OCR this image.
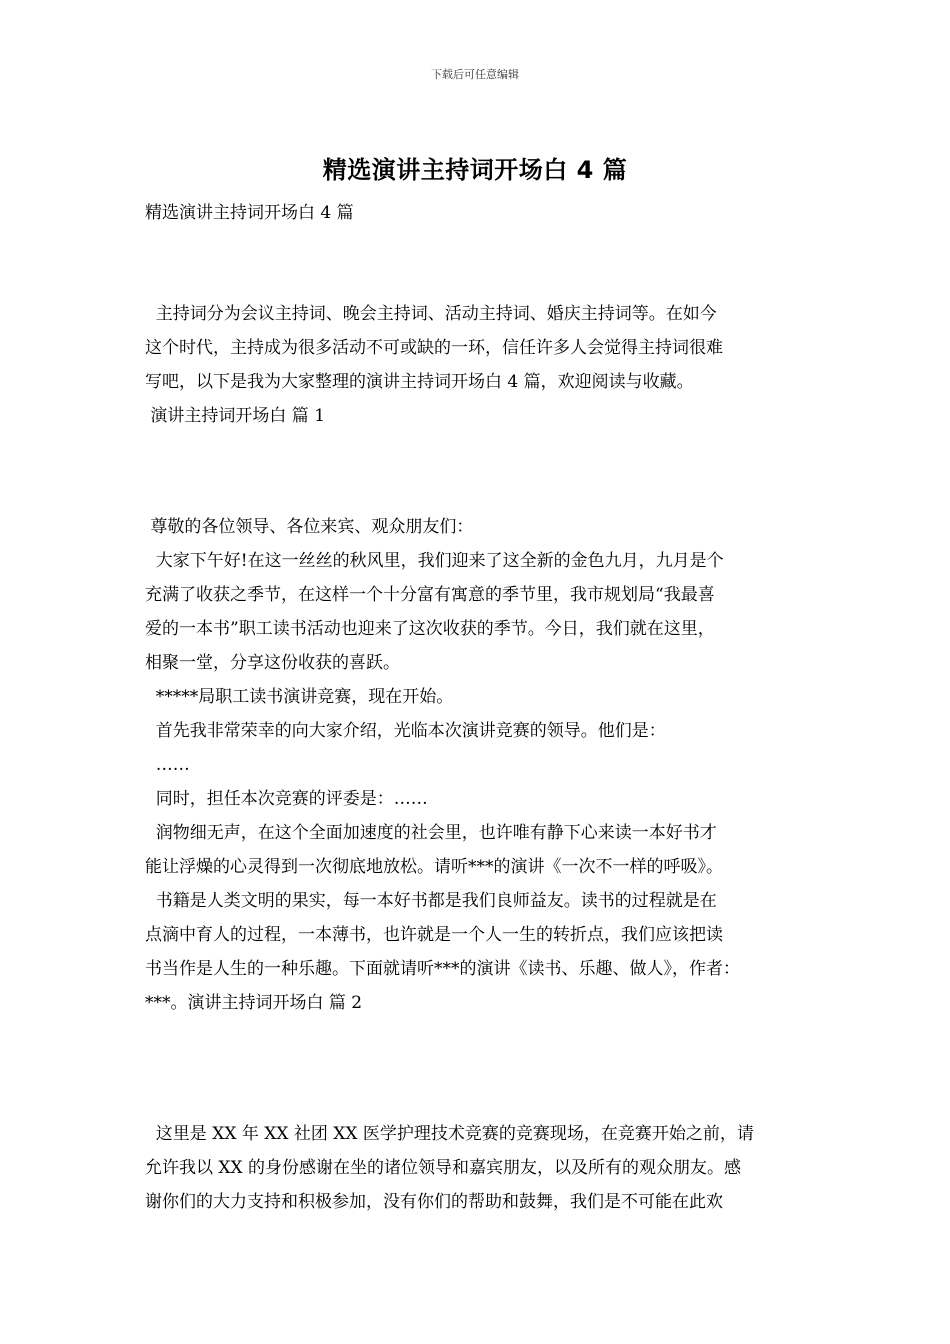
下载后可任意编辑
精选演讲主持词开场白 4 篇
精选演讲主持词开场白 4 篇
主持词分为会议主持词、晚会主持词、活动主持词、婚庆主持词等。在如今
这个时代，主持成为很多活动不可或缺的一环，信任许多人会觉得主持词很难
写吧，以下是我为大家整理的演讲主持词开场白 4 篇，欢迎阅读与收藏。
演讲主持词开场白 篇 1
尊敬的各位领导、各位来宾、观众朋友们：
大家下午好!在这一丝丝的秋风里，我们迎来了这全新的金色九月，九月是个
充满了收获之季节，在这样一个十分富有寓意的季节里，我市规划局“我最喜
爱的一本书”职工读书活动也迎来了这次收获的季节。今日，我们就在这里，
相聚一堂，分享这份收获的喜跃。
*****局职工读书演讲竞赛，现在开始。
首先我非常荣幸的向大家介绍，光临本次演讲竞赛的领导。他们是：
……
同时，担任本次竞赛的评委是：……
润物细无声，在这个全面加速度的社会里，也许唯有静下心来读一本好书才
能让浮燥的心灵得到一次彻底地放松。请听***的演讲《一次不一样的呼吸》。
书籍是人类文明的果实，每一本好书都是我们良师益友。读书的过程就是在
点滴中育人的过程，一本薄书，也许就是一个人一生的转折点，我们应该把读
书当作是人生的一种乐趣。下面就请听***的演讲《读书、乐趣、做人》，作者：
***。演讲主持词开场白 篇 2
这里是 XX 年 XX 社团 XX 医学护理技术竞赛的竞赛现场，在竞赛开始之前，请
允许我以 XX 的身份感谢在坐的诸位领导和嘉宾朋友，以及所有的观众朋友。感
谢你们的大力支持和积极参加，没有你们的帮助和鼓舞，我们是不可能在此欢
